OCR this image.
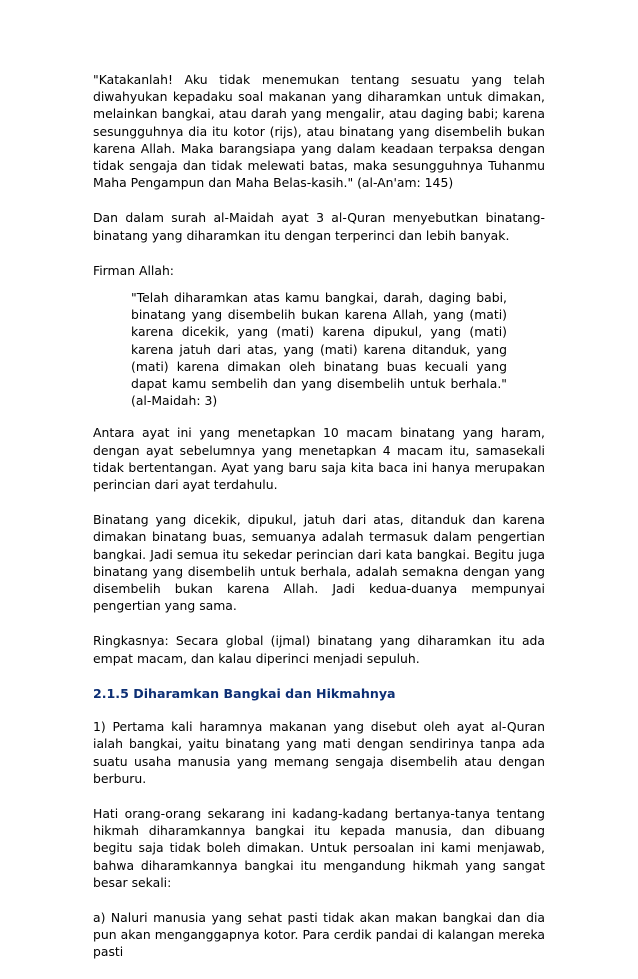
"Katakanlah! Aku tidak menemukan tentang sesuatu yang telah diwahyukan kepadaku soal makanan yang diharamkan untuk dimakan, melainkan bangkai, atau darah yang mengalir, atau daging babi; karena sesungguhnya dia itu kotor (rijs), atau binatang yang disembelih bukan karena Allah. Maka barangsiapa yang dalam keadaan terpaksa dengan tidak sengaja dan tidak melewati batas, maka sesungguhnya Tuhanmu Maha Pengampun dan Maha Belas-kasih." (al-An'am: 145)

Dan dalam surah al-Maidah ayat 3 al-Quran menyebutkan binatang-binatang yang diharamkan itu dengan terperinci dan lebih banyak.

Firman Allah:

"Telah diharamkan atas kamu bangkai, darah, daging babi, binatang yang disembelih bukan karena Allah, yang (mati) karena dicekik, yang (mati) karena dipukul, yang (mati) karena jatuh dari atas, yang (mati) karena ditanduk, yang (mati) karena dimakan oleh binatang buas kecuali yang dapat kamu sembelih dan yang disembelih untuk berhala." (al-Maidah: 3)

Antara ayat ini yang menetapkan 10 macam binatang yang haram, dengan ayat sebelumnya yang menetapkan 4 macam itu, samasekali tidak bertentangan. Ayat yang baru saja kita baca ini hanya merupakan perincian dari ayat terdahulu.

Binatang yang dicekik, dipukul, jatuh dari atas, ditanduk dan karena dimakan binatang buas, semuanya adalah termasuk dalam pengertian bangkai. Jadi semua itu sekedar perincian dari kata bangkai. Begitu juga binatang yang disembelih untuk berhala, adalah semakna dengan yang disembelih bukan karena Allah. Jadi kedua-duanya mempunyai pengertian yang sama.

Ringkasnya: Secara global (ijmal) binatang yang diharamkan itu ada empat macam, dan kalau diperinci menjadi sepuluh.

2.1.5 Diharamkan Bangkai dan Hikmahnya

1) Pertama kali haramnya makanan yang disebut oleh ayat al-Quran ialah bangkai, yaitu binatang yang mati dengan sendirinya tanpa ada suatu usaha manusia yang memang sengaja disembelih atau dengan berburu.

Hati orang-orang sekarang ini kadang-kadang bertanya-tanya tentang hikmah diharamkannya bangkai itu kepada manusia, dan dibuang begitu saja tidak boleh dimakan. Untuk persoalan ini kami menjawab, bahwa diharamkannya bangkai itu mengandung hikmah yang sangat besar sekali:

a) Naluri manusia yang sehat pasti tidak akan makan bangkai dan dia pun akan menganggapnya kotor. Para cerdik pandai di kalangan mereka pasti
